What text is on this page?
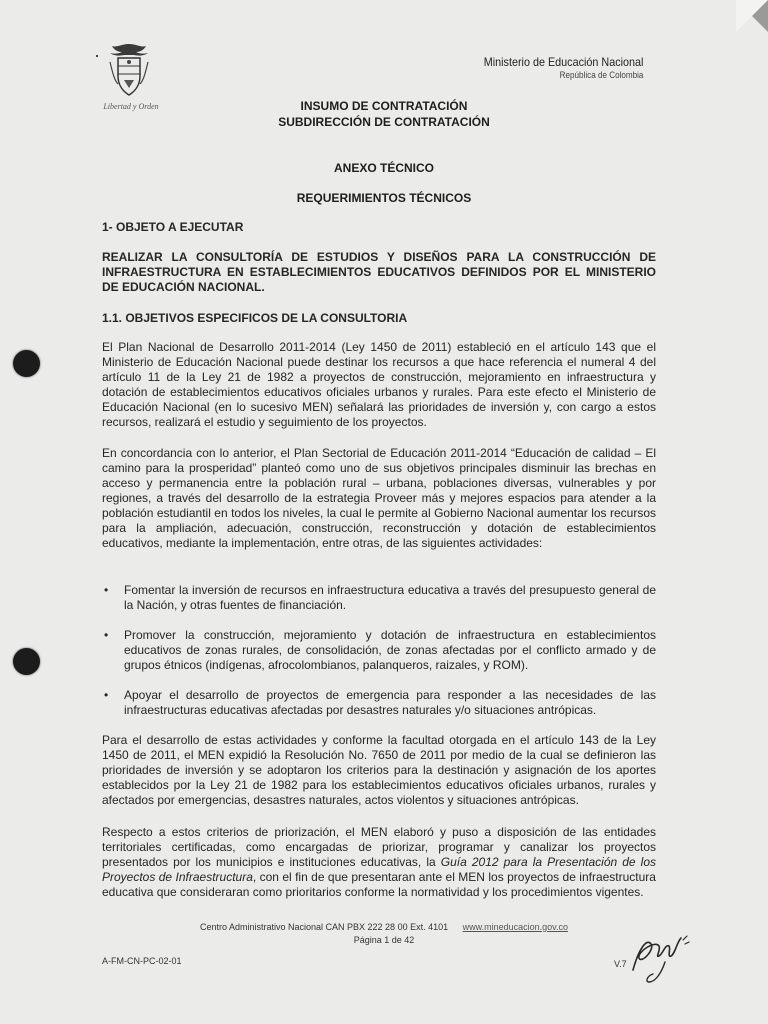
Libertad y Orden
Ministerio de Educación Nacional
República de Colombia
INSUMO DE CONTRATACIÓN
SUBDIRECCIÓN DE CONTRATACIÓN
ANEXO TÉCNICO
REQUERIMIENTOS TÉCNICOS
1- OBJETO A EJECUTAR
REALIZAR LA CONSULTORÍA DE ESTUDIOS Y DISEÑOS PARA LA CONSTRUCCIÓN DE INFRAESTRUCTURA EN ESTABLECIMIENTOS EDUCATIVOS DEFINIDOS POR EL MINISTERIO DE EDUCACIÓN NACIONAL.
1.1. OBJETIVOS ESPECIFICOS DE LA CONSULTORIA
El Plan Nacional de Desarrollo 2011-2014 (Ley 1450 de 2011) estableció en el artículo 143 que el Ministerio de Educación Nacional puede destinar los recursos a que hace referencia el numeral 4 del artículo 11 de la Ley 21 de 1982 a proyectos de construcción, mejoramiento en infraestructura y dotación de establecimientos educativos oficiales urbanos y rurales. Para este efecto el Ministerio de Educación Nacional (en lo sucesivo MEN) señalará las prioridades de inversión y, con cargo a estos recursos, realizará el estudio y seguimiento de los proyectos.
En concordancia con lo anterior, el Plan Sectorial de Educación 2011-2014 “Educación de calidad – El camino para la prosperidad” planteó como uno de sus objetivos principales disminuir las brechas en acceso y permanencia entre la población rural – urbana, poblaciones diversas, vulnerables y por regiones, a través del desarrollo de la estrategia Proveer más y mejores espacios para atender a la población estudiantil en todos los niveles, la cual le permite al Gobierno Nacional aumentar los recursos para la ampliación, adecuación, construcción, reconstrucción y dotación de establecimientos educativos, mediante la implementación, entre otras, de las siguientes actividades:
• Fomentar la inversión de recursos en infraestructura educativa a través del presupuesto general de la Nación, y otras fuentes de financiación.
• Promover la construcción, mejoramiento y dotación de infraestructura en establecimientos educativos de zonas rurales, de consolidación, de zonas afectadas por el conflicto armado y de grupos étnicos (indígenas, afrocolombianos, palanqueros, raizales, y ROM).
• Apoyar el desarrollo de proyectos de emergencia para responder a las necesidades de las infraestructuras educativas afectadas por desastres naturales y/o situaciones antrópicas.
Para el desarrollo de estas actividades y conforme la facultad otorgada en el artículo 143 de la Ley 1450 de 2011, el MEN expidió la Resolución No. 7650 de 2011 por medio de la cual se definieron las prioridades de inversión y se adoptaron los criterios para la destinación y asignación de los aportes establecidos por la Ley 21 de 1982 para los establecimientos educativos oficiales urbanos, rurales y afectados por emergencias, desastres naturales, actos violentos y situaciones antrópicas.
Respecto a estos criterios de priorización, el MEN elaboró y puso a disposición de las entidades territoriales certificadas, como encargadas de priorizar, programar y canalizar los proyectos presentados por los municipios e instituciones educativas, la Guía 2012 para la Presentación de los Proyectos de Infraestructura, con el fin de que presentaran ante el MEN los proyectos de infraestructura educativa que consideraran como prioritarios conforme la normatividad y los procedimientos vigentes.
Centro Administrativo Nacional CAN PBX 222 28 00 Ext. 4101 www.mineducacion.gov.co
Página 1 de 42
A-FM-CN-PC-02-01	V.7
